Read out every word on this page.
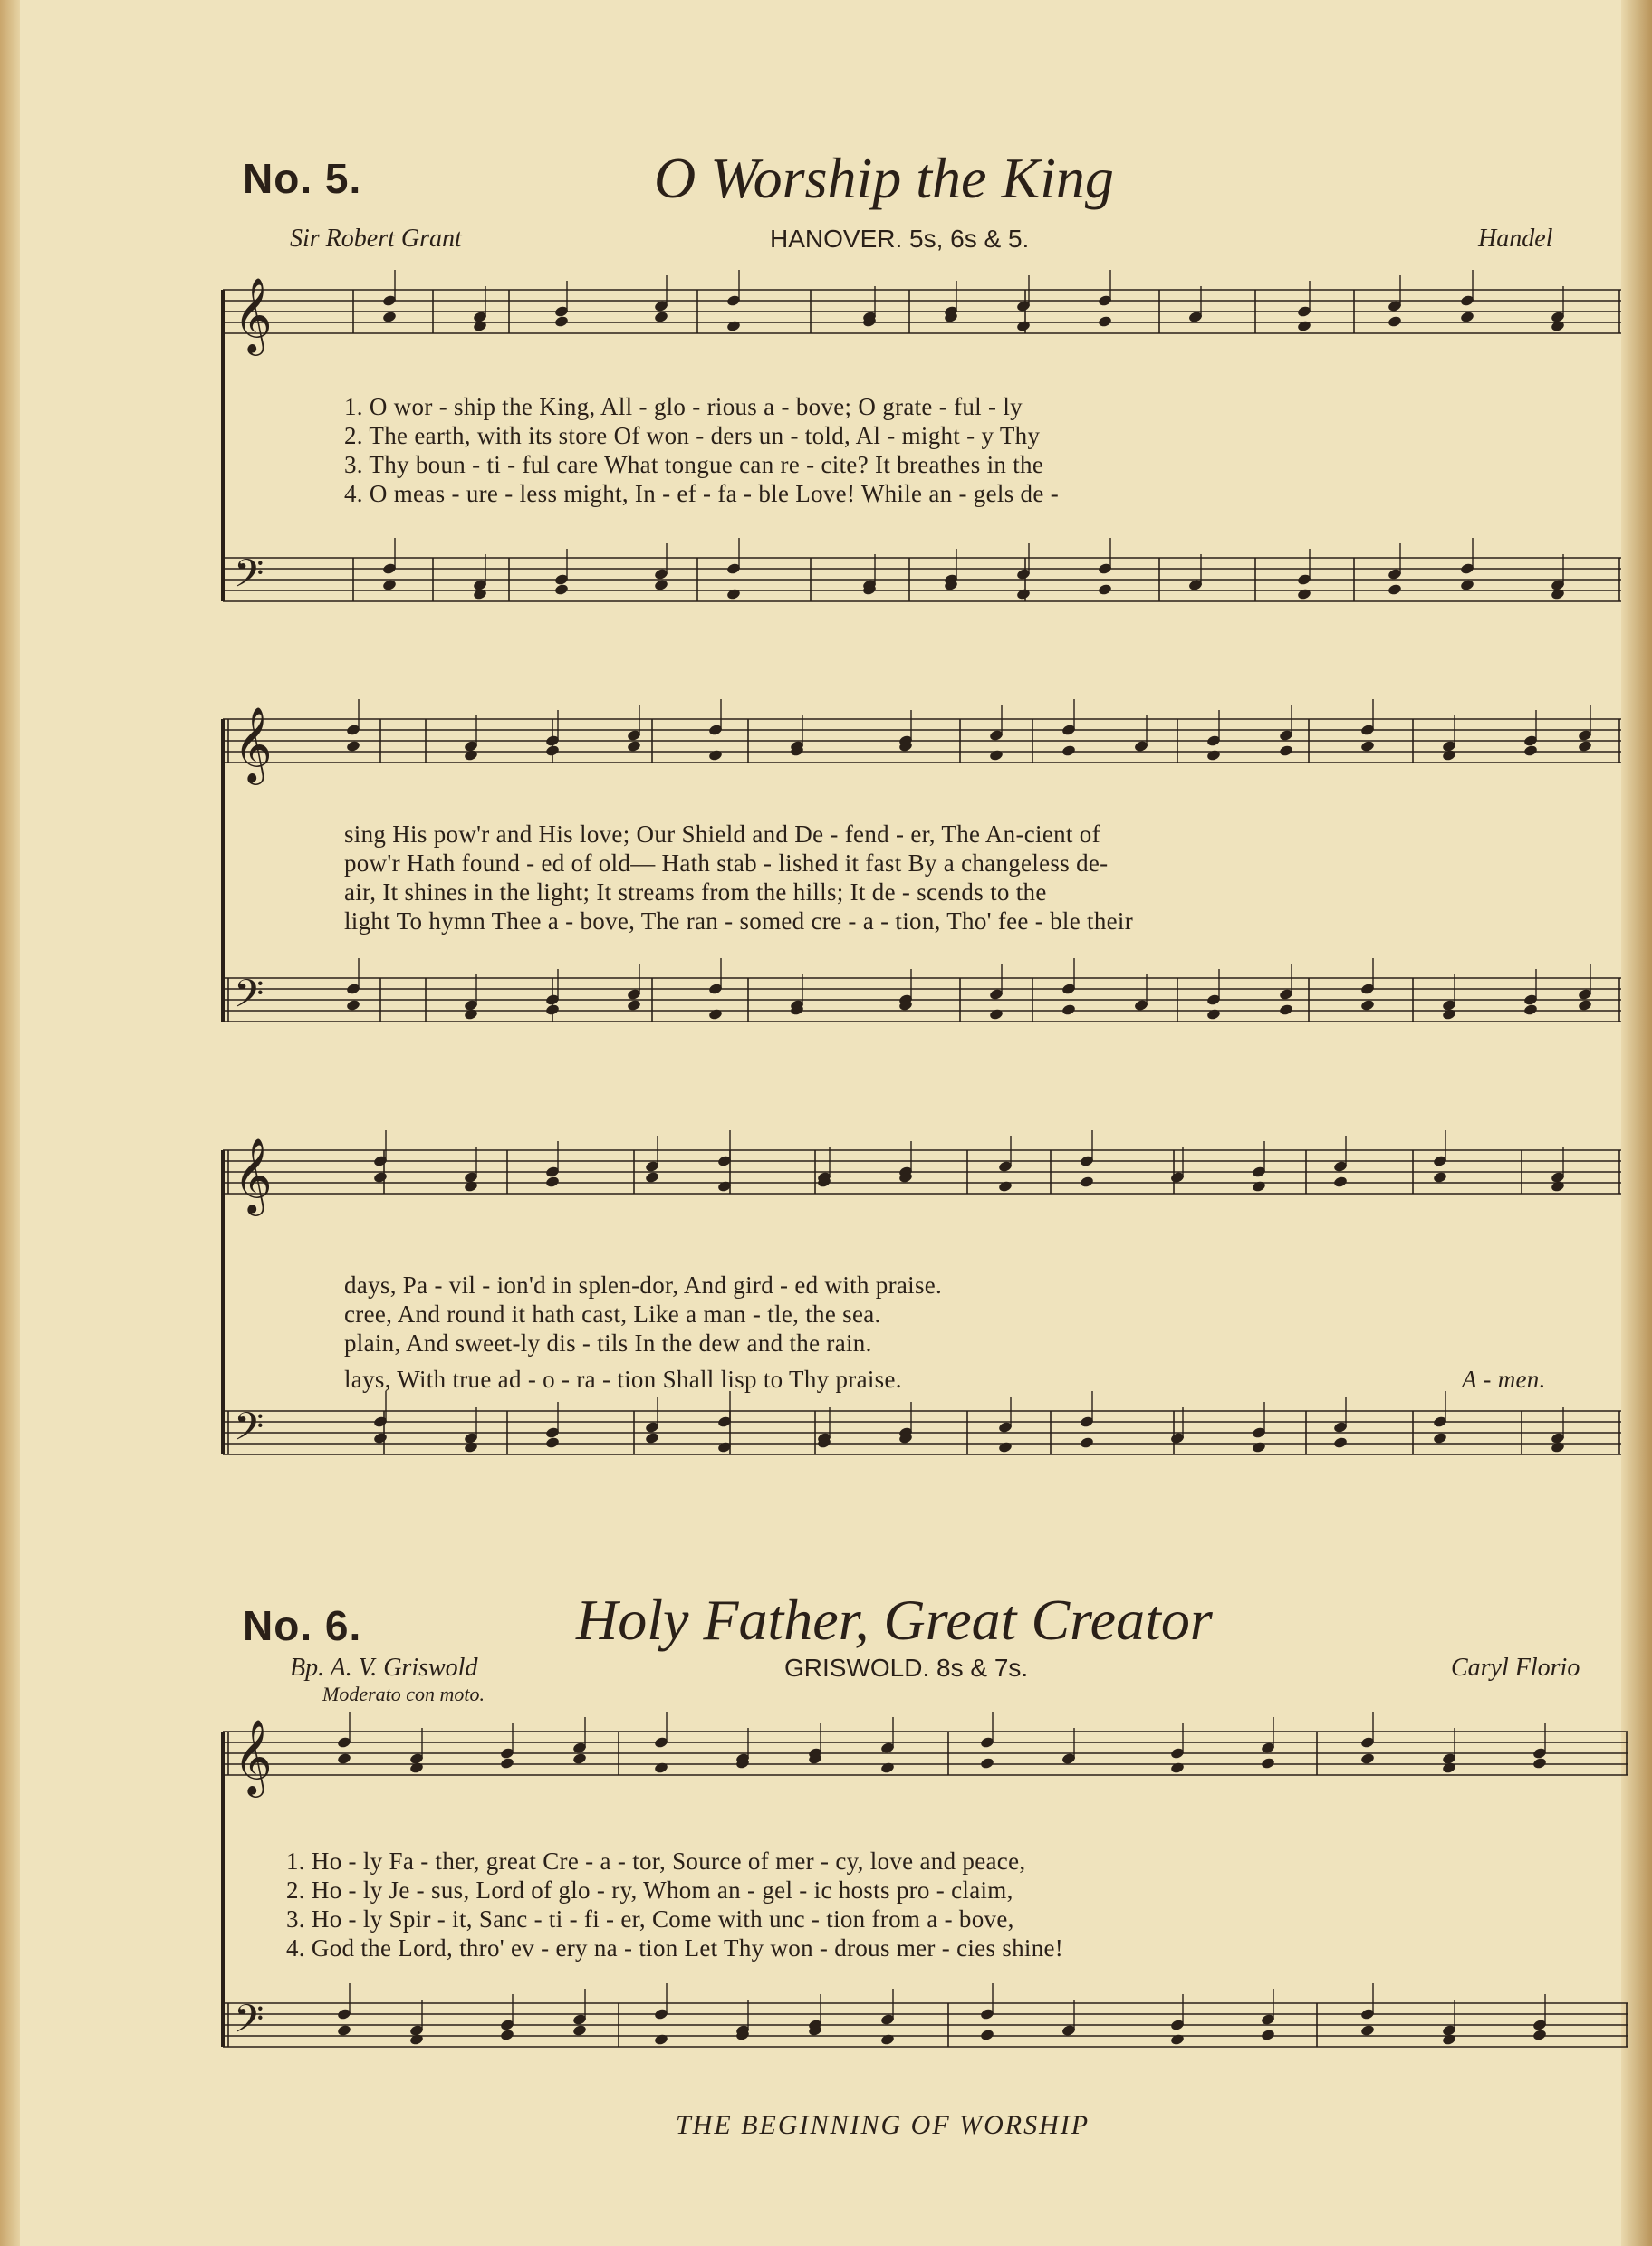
No. 5.	O Worship the King
Sir Robert Grant	HANOVER. 5s, 6s & 5.	Handel
𝄞
𝄢
𝄞
𝄢
𝄞
𝄢
𝄞
𝄢
1. O wor - ship the King, All - glo - rious a - bove; O grate - ful - ly
2. The earth, with its store Of won - ders un - told, Al - might - y Thy
3. Thy boun - ti - ful care What tongue can re - cite? It breathes in the
4. O meas - ure - less might, In - ef - fa - ble Love! While an - gels de -
sing His pow'r and His love; Our Shield and De - fend - er, The An-cient of
pow'r Hath found - ed of old— Hath stab - lished it fast By a changeless de-
air, It shines in the light; It streams from the hills; It de - scends to the
light To hymn Thee a - bove, The ran - somed cre - a - tion, Tho' fee - ble their
days, Pa - vil - ion'd in splen-dor, And gird - ed with praise.
cree, And round it hath cast, Like a man - tle, the sea.
plain, And sweet-ly dis - tils In the dew and the rain.
lays, With true ad - o - ra - tion Shall lisp to Thy praise.	A - men.
No. 6.	Holy Father, Great Creator
Bp. A. V. Griswold
Moderato con moto.
GRISWOLD. 8s & 7s.	Caryl Florio
1. Ho - ly Fa - ther, great Cre - a - tor, Source of mer - cy, love and peace,
2. Ho - ly Je - sus, Lord of glo - ry, Whom an - gel - ic hosts pro - claim,
3. Ho - ly Spir - it, Sanc - ti - fi - er, Come with unc - tion from a - bove,
4. God the Lord, thro' ev - ery na - tion Let Thy won - drous mer - cies shine!
THE BEGINNING OF WORSHIP
